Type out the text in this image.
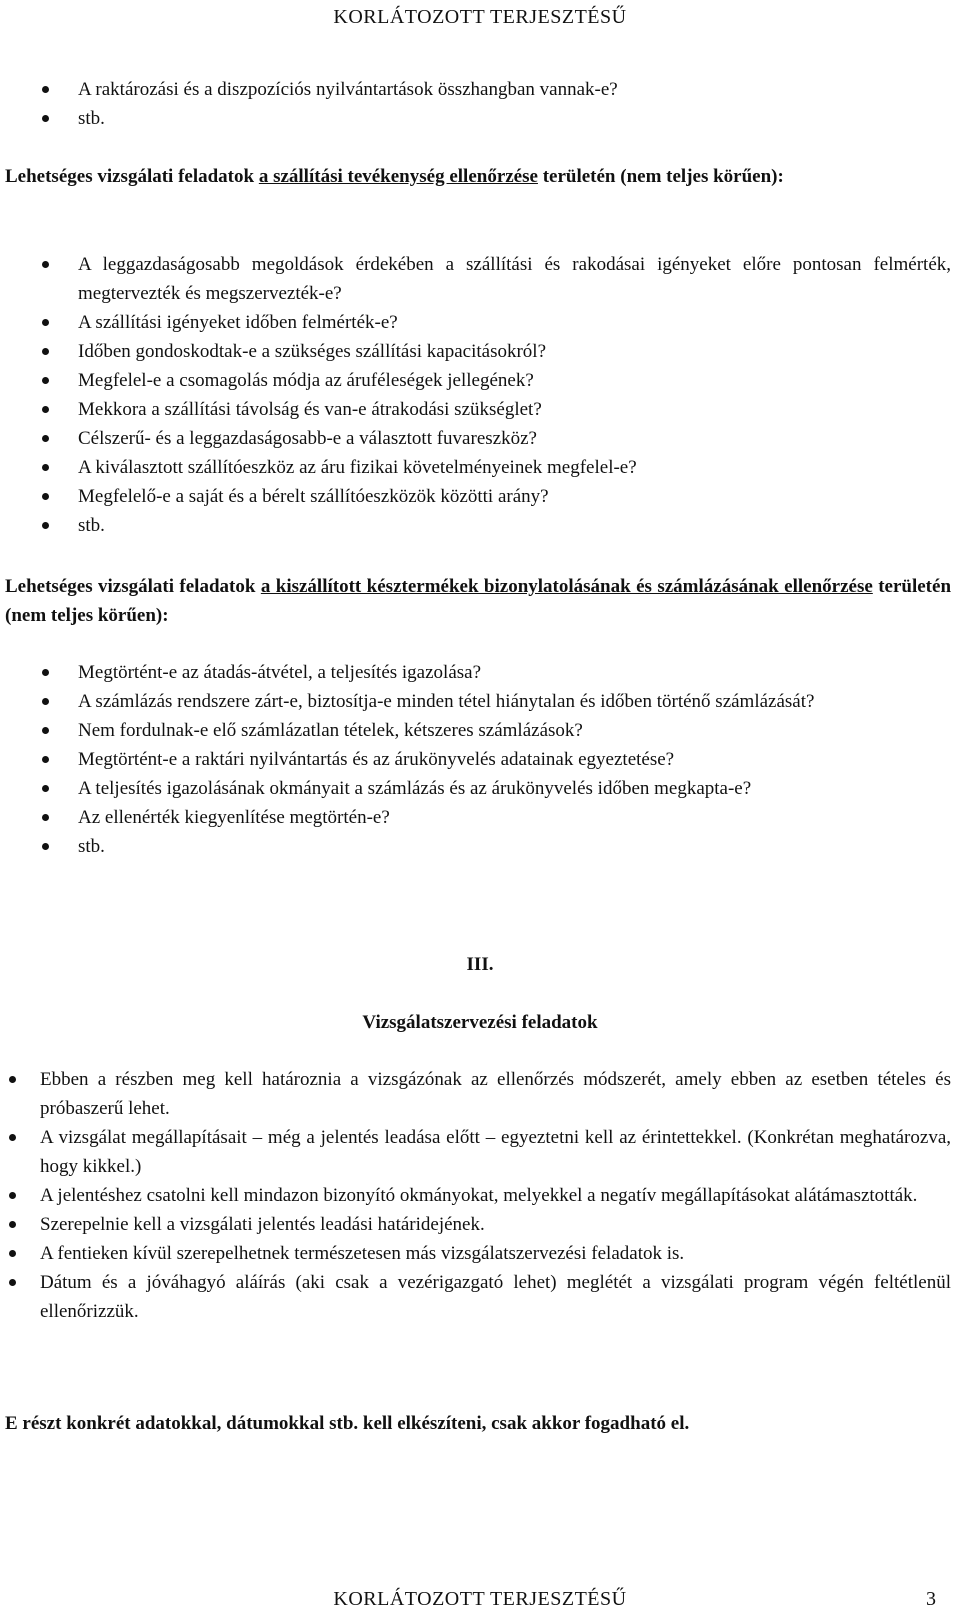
KORLÁTOZOTT TERJESZTÉSŰ
A raktározási és a diszpozíciós nyilvántartások összhangban vannak-e?
stb.
Lehetséges vizsgálati feladatok a szállítási tevékenység ellenőrzése területén (nem teljes körűen):
A leggazdaságosabb megoldások érdekében a szállítási és rakodásai igényeket előre pontosan felmérték, megtervezték és megszervezték-e?
A szállítási igényeket időben felmérték-e?
Időben gondoskodtak-e a szükséges szállítási kapacitásokról?
Megfelel-e a csomagolás módja az áruféleségek jellegének?
Mekkora a szállítási távolság és van-e átrakodási szükséglet?
Célszerű- és a leggazdaságosabb-e a választott fuvareszköz?
A kiválasztott szállítóeszköz az áru fizikai követelményeinek megfelel-e?
Megfelelő-e a saját és a bérelt szállítóeszközök közötti arány?
stb.
Lehetséges vizsgálati feladatok a kiszállított késztermékek bizonylatolásának és számlázásának ellenőrzése területén (nem teljes körűen):
Megtörtént-e az átadás-átvétel, a teljesítés igazolása?
A számlázás rendszere zárt-e, biztosítja-e minden tétel hiánytalan és időben történő számlázását?
Nem fordulnak-e elő számlázatlan tételek, kétszeres számlázások?
Megtörtént-e a raktári nyilvántartás és az árukönyvelés adatainak egyeztetése?
A teljesítés igazolásának okmányait a számlázás és az árukönyvelés időben megkapta-e?
Az ellenérték kiegyenlítése megtörtén-e?
stb.
III.
Vizsgálatszervezési feladatok
Ebben a részben meg kell határoznia a vizsgázónak az ellenőrzés módszerét, amely ebben az esetben tételes és próbaszerű lehet.
A vizsgálat megállapításait – még a jelentés leadása előtt – egyeztetni kell az érintettekkel. (Konkrétan meghatározva, hogy kikkel.)
A jelentéshez csatolni kell mindazon bizonyító okmányokat, melyekkel a negatív megállapításokat alátámasztották.
Szerepelnie kell a vizsgálati jelentés leadási határidejének.
A fentieken kívül szerepelhetnek természetesen más vizsgálatszervezési feladatok is.
Dátum és a jóváhagyó aláírás (aki csak a vezérigazgató lehet) meglétét a vizsgálati program végén feltétlenül ellenőrizzük.
E részt konkrét adatokkal, dátumokkal stb. kell elkészíteni, csak akkor fogadható el.
KORLÁTOZOTT TERJESZTÉSŰ	3
